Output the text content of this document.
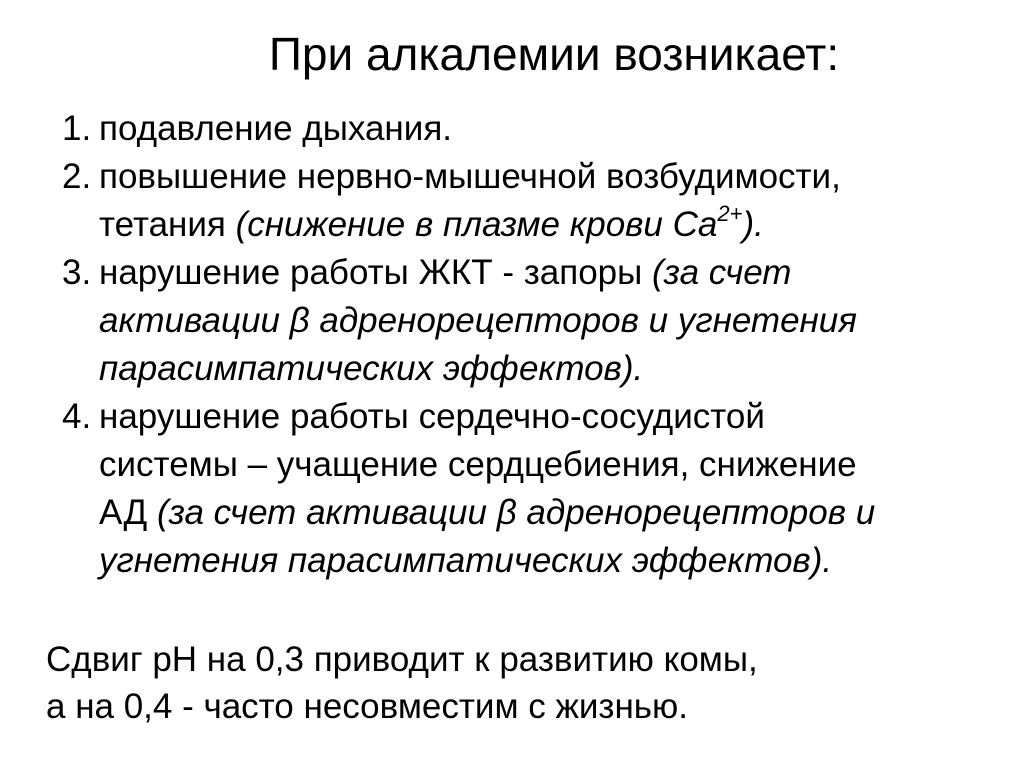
При алкалемии возникает:
1. подавление дыхания.
2. повышение нервно-мышечной возбудимости,
тетания (снижение в плазме крови $Ca^{2+}$).
3. нарушение работы ЖКТ - запоры (за счет
активации β адренорецепторов и угнетения
парасимпатических эффектов).
4. нарушение работы сердечно-сосудистой
системы – учащение сердцебиения, снижение
АД (за счет активации β адренорецепторов и
угнетения парасимпатических эффектов).
Сдвиг pH на 0,3 приводит к развитию комы,
а на 0,4 - часто несовместим с жизнью.
